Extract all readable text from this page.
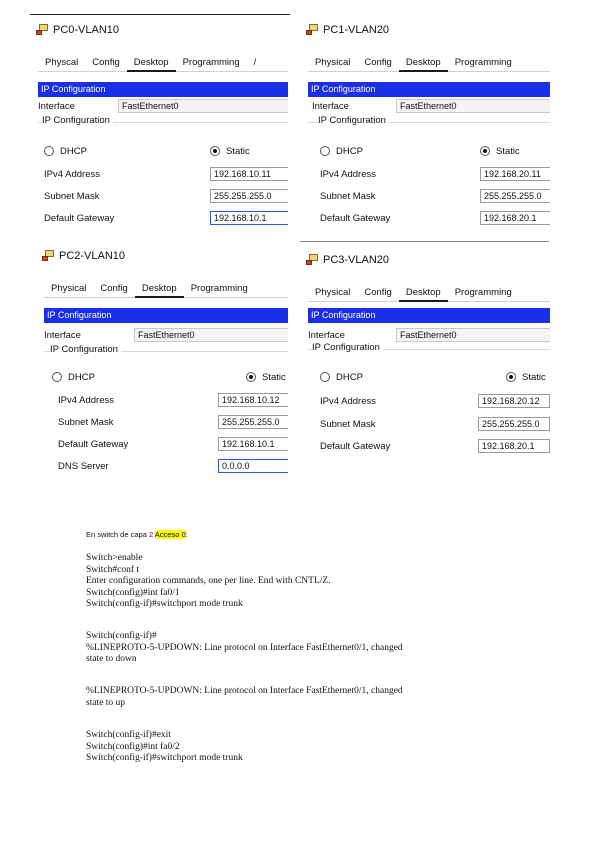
PC0-VLAN10
Physcal	Config	Desktop	Programming	/
IP Configuration
Interface	FastEthernet0
IP Configuration
DHCP	Static
IPv4 Address	192.168.10.11
Subnet Mask	255.255.255.0
Default Gateway	192.168.10.1
PC1-VLAN20
Physical	Config	Desktop	Programming
IP Configuration
Interface	FastEthernet0
IP Configuration
DHCP	Static
IPv4 Address	192.168.20.11
Subnet Mask	255.255.255.0
Default Gateway	192.168.20.1
PC2-VLAN10
Physical	Config	Desktop	Programming
IP Configuration
Interface	FastEthernet0
IP Configuration
DHCP	Static
IPv4 Address	192.168.10.12
Subnet Mask	255.255.255.0
Default Gateway	192.168.10.1
DNS Server	0.0.0.0
PC3-VLAN20
Physical	Config	Desktop	Programming
IP Configuration
Interface	FastEthernet0
IP Configuration
DHCP	Static
IPv4 Address	192.168.20.12
Subnet Mask	255.255.255.0
Default Gateway	192.168.20.1
En switch de capa 2 Acceso 0:
Switch>enable
Switch#conf t
Enter configuration commands, one per line. End with CNTL/Z.
Switch(config)#int fa0/1
Switch(config-if)#switchport mode trunk
Switch(config-if)#
%LINEPROTO-5-UPDOWN: Line protocol on Interface FastEthernet0/1, changed
state to down
%LINEPROTO-5-UPDOWN: Line protocol on Interface FastEthernet0/1, changed
state to up
Switch(config-if)#exit
Switch(config)#int fa0/2
Switch(config-if)#switchport mode trunk
